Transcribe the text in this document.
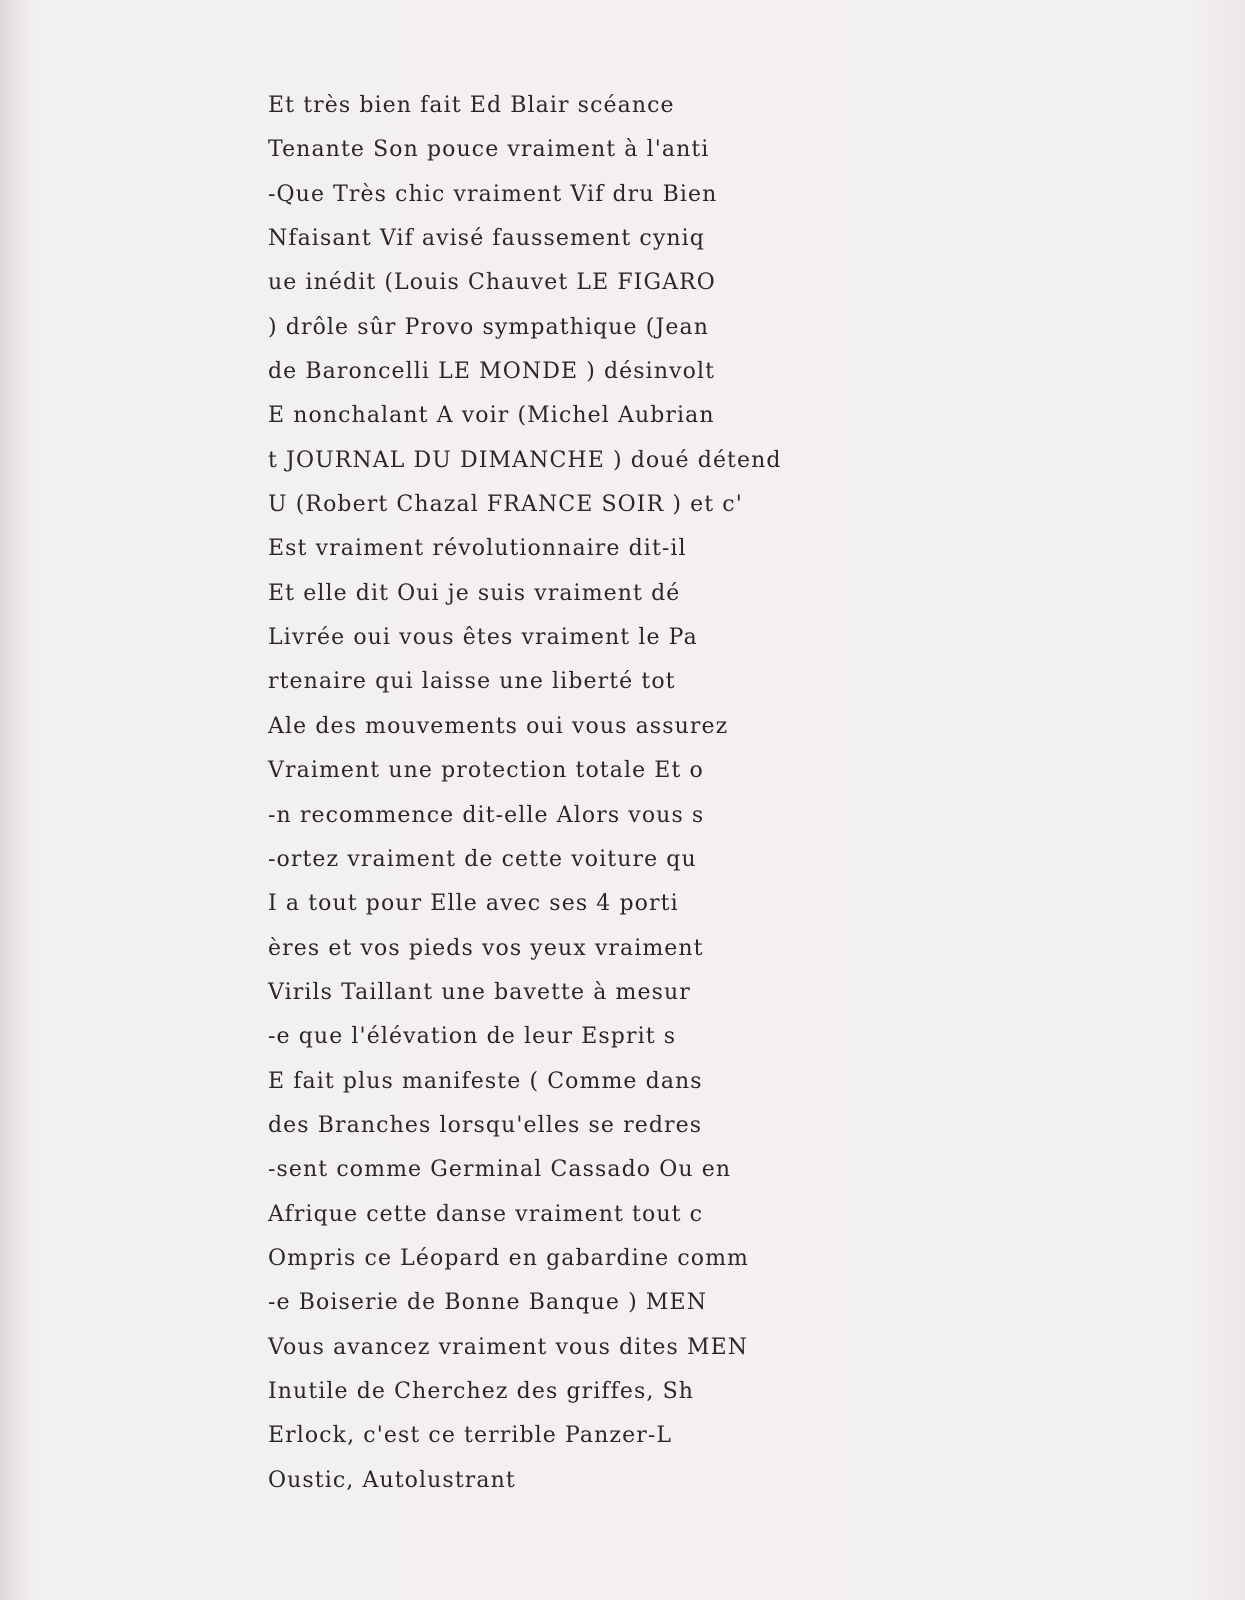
Et très bien fait Ed Blair scéance
Tenante Son pouce vraiment à l'anti
-Que Très chic vraiment Vif dru Bien
Nfaisant Vif avisé faussement cyniq
ue inédit (Louis Chauvet LE FIGARO
) drôle sûr Provo sympathique (Jean
de Baroncelli LE MONDE ) désinvolt
E nonchalant A voir (Michel Aubrian
t JOURNAL DU DIMANCHE ) doué détend
U (Robert Chazal FRANCE SOIR ) et c'
Est vraiment révolutionnaire dit-il
Et elle dit Oui je suis vraiment dé
Livrée oui vous êtes vraiment le Pa
rtenaire qui laisse une liberté tot
Ale des mouvements oui vous assurez
Vraiment une protection totale Et o
-n recommence dit-elle Alors vous s
-ortez vraiment de cette voiture qu
I a tout pour Elle avec ses 4 porti
ères et vos pieds vos yeux vraiment
Virils Taillant une bavette à mesur
-e que l'élévation de leur Esprit s
E fait plus manifeste ( Comme dans
des Branches lorsqu'elles se redres
-sent comme Germinal Cassado Ou en
Afrique cette danse vraiment tout c
Ompris ce Léopard en gabardine comm
-e Boiserie de Bonne Banque ) MEN
Vous avancez vraiment vous dites MEN
Inutile de Cherchez des griffes, Sh
Erlock, c'est ce terrible Panzer-L
Oustic, Autolustrant
